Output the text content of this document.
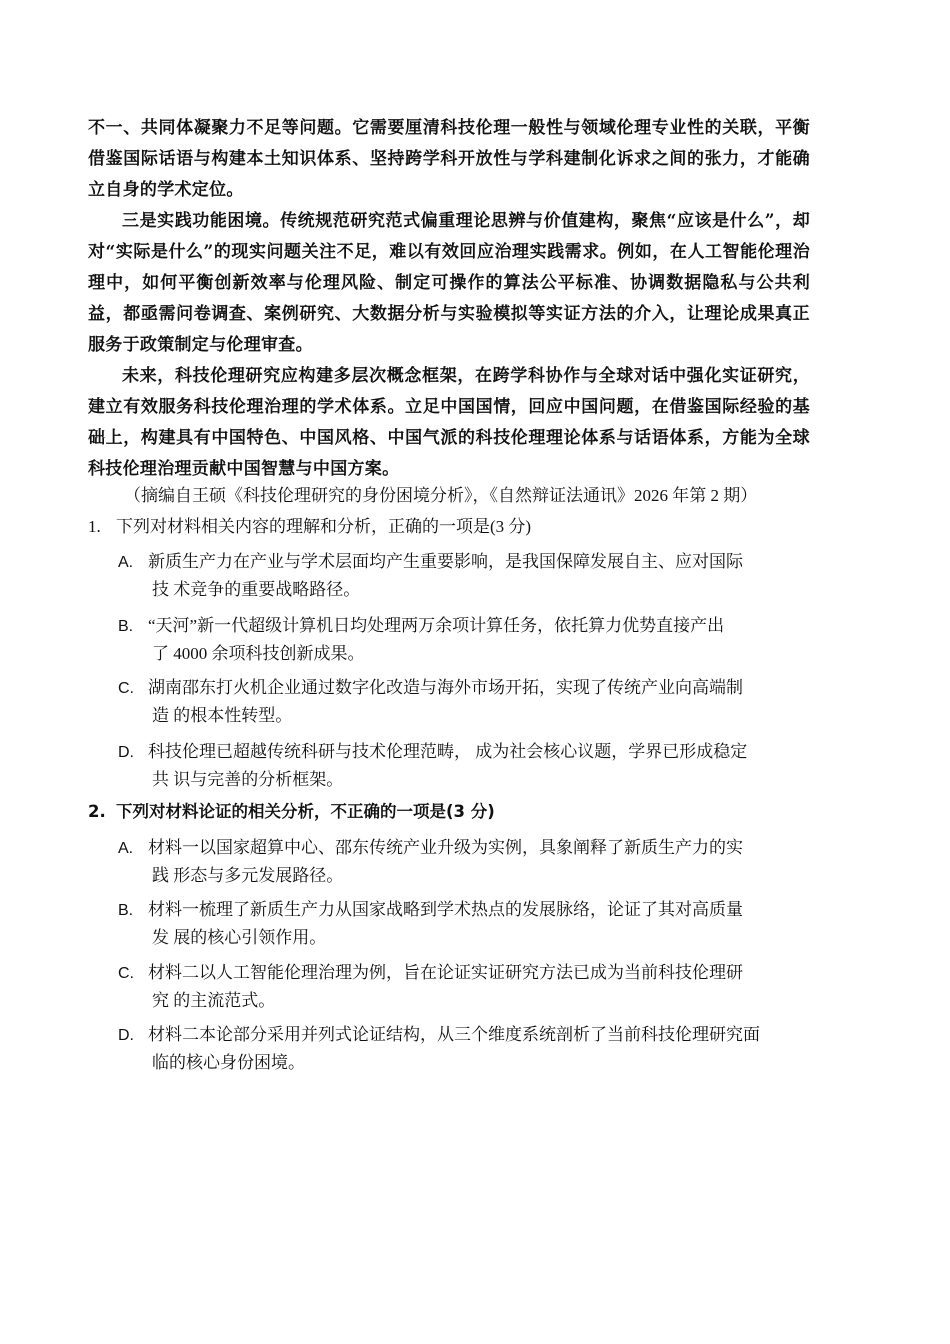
不一、共同体凝聚力不足等问题。它需要厘清科技伦理一般性与领域伦理专业性的关联，平衡借鉴国际话语与构建本土知识体系、坚持跨学科开放性与学科建制化诉求之间的张力，才能确立自身的学术定位。

三是实践功能困境。传统规范研究范式偏重理论思辨与价值建构，聚焦“应该是什么”，却对“实际是什么”的现实问题关注不足，难以有效回应治理实践需求。例如，在人工智能伦理治理中，如何平衡创新效率与伦理风险、制定可操作的算法公平标准、协调数据隐私与公共利益，都亟需问卷调查、案例研究、大数据分析与实验模拟等实证方法的介入，让理论成果真正服务于政策制定与伦理审查。

未来，科技伦理研究应构建多层次概念框架，在跨学科协作与全球对话中强化实证研究，建立有效服务科技伦理治理的学术体系。立足中国国情，回应中国问题，在借鉴国际经验的基础上，构建具有中国特色、中国风格、中国气派的科技伦理理论体系与话语体系，方能为全球科技伦理治理贡献中国智慧与中国方案。

（摘编自王硕《科技伦理研究的身份困境分析》，《自然辩证法通讯》2026 年第 2 期）
1. 下列对材料相关内容的理解和分析，正确的一项是(3 分)
A. 新质生产力在产业与学术层面均产生重要影响，是我国保障发展自主、应对国际
技 术竞争的重要战略路径。
B. “天河”新一代超级计算机日均处理两万余项计算任务，依托算力优势直接产出
了 4000 余项科技创新成果。
C. 湖南邵东打火机企业通过数字化改造与海外市场开拓，实现了传统产业向高端制
造 的根本性转型。
D. 科技伦理已超越传统科研与技术伦理范畴， 成为社会核心议题，学界已形成稳定
共 识与完善的分析框架。
2. 下列对材料论证的相关分析，不正确的一项是(3 分)
A. 材料一以国家超算中心、邵东传统产业升级为实例，具象阐释了新质生产力的实
践 形态与多元发展路径。
B. 材料一梳理了新质生产力从国家战略到学术热点的发展脉络，论证了其对高质量
发 展的核心引领作用。
C. 材料二以人工智能伦理治理为例，旨在论证实证研究方法已成为当前科技伦理研
究 的主流范式。
D. 材料二本论部分采用并列式论证结构，从三个维度系统剖析了当前科技伦理研究面
临的核心身份困境。
